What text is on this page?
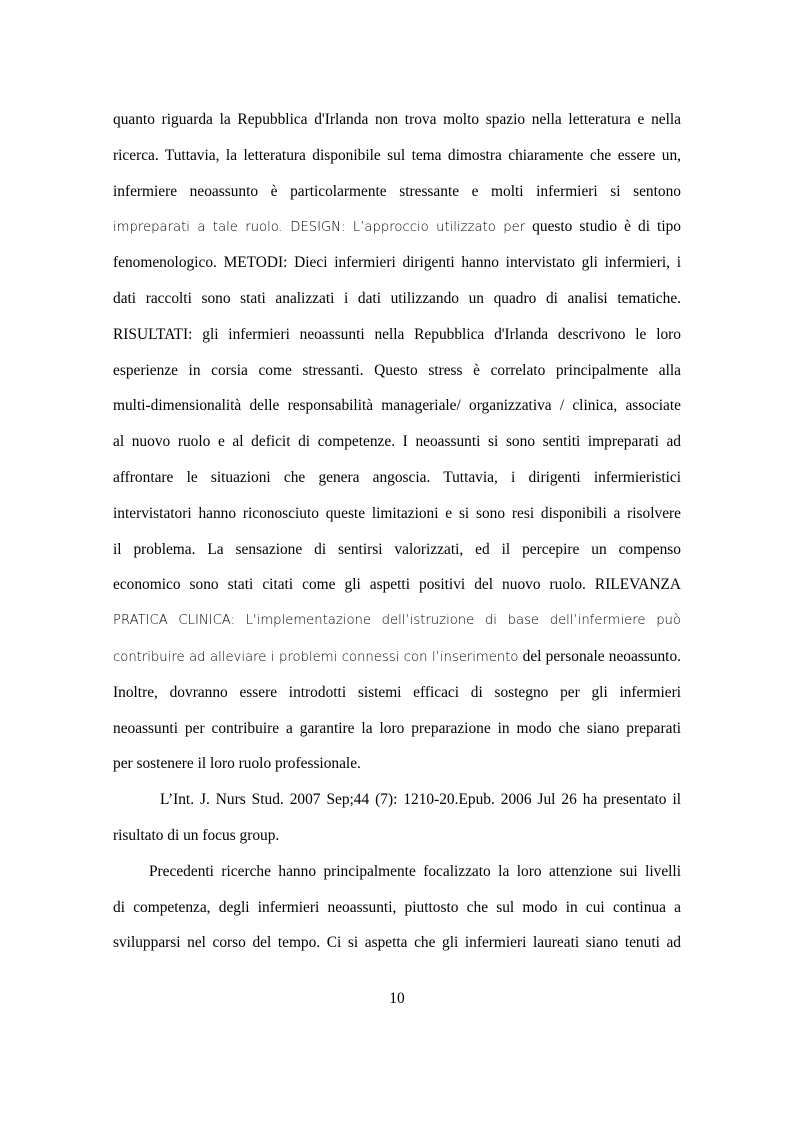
quanto riguarda la Repubblica d'Irlanda non trova molto spazio nella letteratura e nella
ricerca. Tuttavia, la letteratura disponibile sul tema dimostra chiaramente che essere un,
infermiere neoassunto è particolarmente stressante e molti infermieri si sentono
impreparati a tale ruolo. DESIGN: L’approccio utilizzato per questo studio è di tipo
fenomenologico. METODI: Dieci infermieri dirigenti hanno intervistato gli infermieri, i
dati raccolti sono stati analizzati i dati utilizzando un quadro di analisi tematiche.
RISULTATI: gli infermieri neoassunti nella Repubblica d'Irlanda descrivono le loro
esperienze in corsia come stressanti. Questo stress è correlato principalmente alla
multi-dimensionalità delle responsabilità manageriale/ organizzativa / clinica, associate
al nuovo ruolo e al deficit di competenze. I neoassunti si sono sentiti impreparati ad
affrontare le situazioni che genera angoscia. Tuttavia, i dirigenti infermieristici
intervistatori hanno riconosciuto queste limitazioni e si sono resi disponibili a risolvere
il problema. La sensazione di sentirsi valorizzati, ed il percepire un compenso
economico sono stati citati come gli aspetti positivi del nuovo ruolo. RILEVANZA
PRATICA CLINICA: L'implementazione dell’istruzione di base dell’infermiere può
contribuire ad alleviare i problemi connessi con l’inserimento del personale neoassunto.
Inoltre, dovranno essere introdotti sistemi efficaci di sostegno per gli infermieri
neoassunti per contribuire a garantire la loro preparazione in modo che siano preparati
per sostenere il loro ruolo professionale.
L’Int. J. Nurs Stud. 2007 Sep;44 (7): 1210-20.Epub. 2006 Jul 26 ha presentato il
risultato di un focus group.
Precedenti ricerche hanno principalmente focalizzato la loro attenzione sui livelli
di competenza, degli infermieri neoassunti, piuttosto che sul modo in cui continua a
svilupparsi nel corso del tempo. Ci si aspetta che gli infermieri laureati siano tenuti ad
10
